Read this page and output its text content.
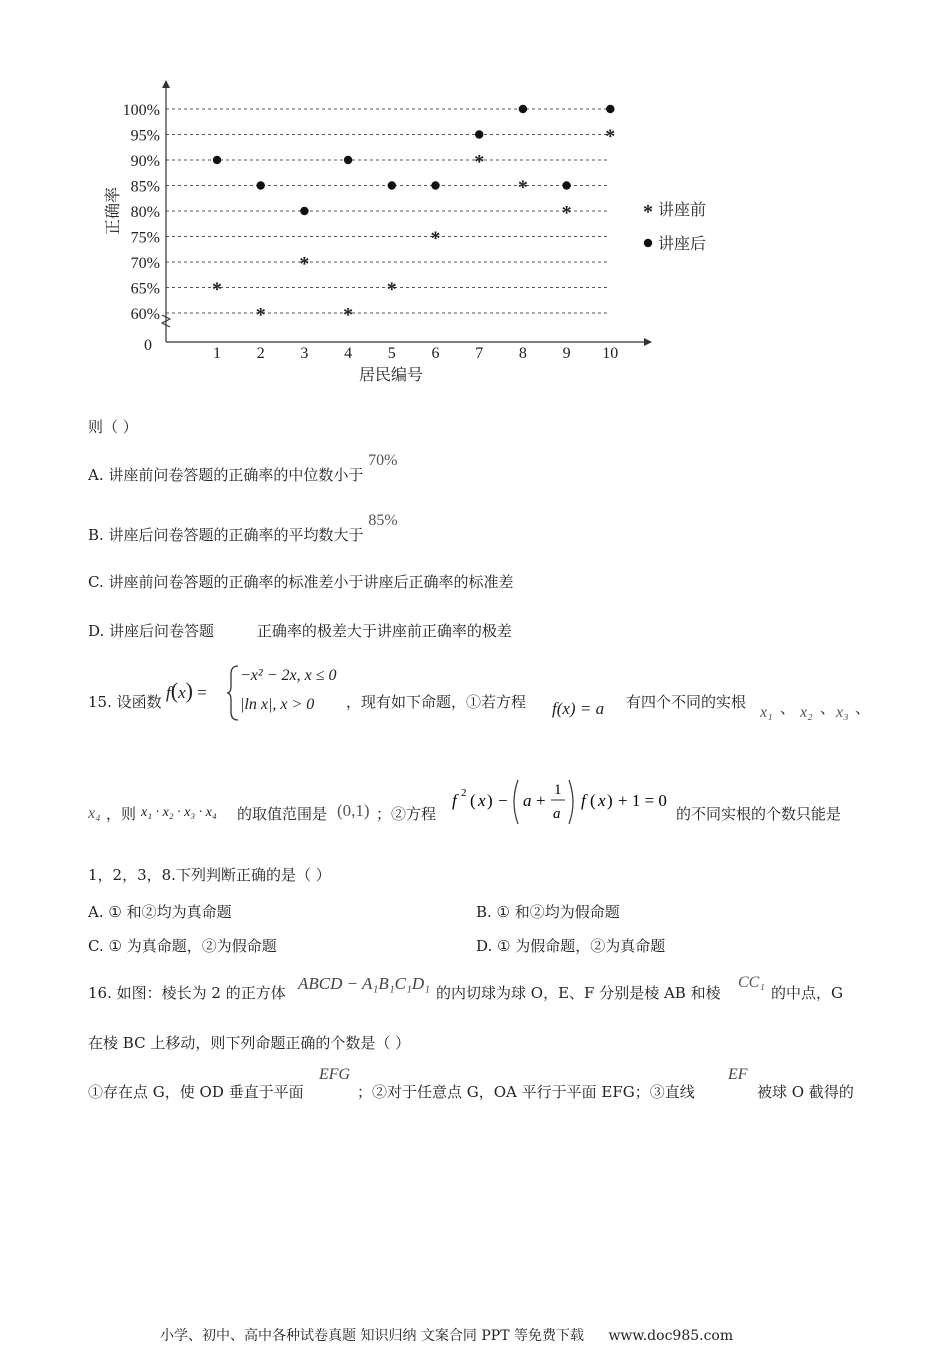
100%
95%
90%
85%
80%
75%
70%
65%
60%
0	1 2 3 4 5 6 7 8 9 10
居民编号
正确率
*
*
*
*
*
*
*
*
*
*
* 讲座前
讲座后
则（ ）
A. 讲座前问卷答题的正确率的中位数小于 70%
B. 讲座后问卷答题的正确率的平均数大于 85%
C. 讲座前问卷答题的正确率的标准差小于讲座后正确率的标准差
D. 讲座后问卷答题	正确率的极差大于讲座前正确率的极差
15. 设函数 f(x) =
−x² − 2x, x ≤ 0
|ln x|, x > 0 ，现有如下命题，①若方程 f(x) = a 有四个不同的实根
x₁ 、 x₂ 、 x₃ 、
x₄ ，则 x₁ · x₂ · x₃ · x₄ 的取值范围是 (0,1) ；②方程
f 2 ( x ) − a +
1
a
f ( x ) + 1 = 0
的不同实根的个数只能是
1，2，3，8.下列判断正确的是（ ）
A. ① 和②均为真命题	B. ① 和②均为假命题
C. ① 为真命题，②为假命题	D. ① 为假命题，②为真命题
16. 如图：棱长为 2 的正方体 ABCD − A₁B₁C₁D₁ 的内切球为球 O，E、F 分别是棱 AB 和棱
CC₁
的中点，G
在棱 BC 上移动，则下列命题正确的个数是（ ）
①存在点 G，使 OD 垂直于平面
EFG
；②对于任意点 G，OA 平行于平面 EFG；③直线
EF
被球 O 截得的
小学、初中、高中各种试卷真题 知识归纳 文案合同 PPT 等免费下载 www.doc985.com
